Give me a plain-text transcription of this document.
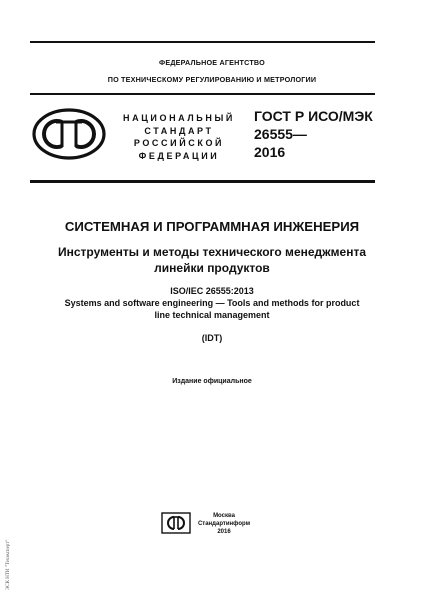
ФЕДЕРАЛЬНОЕ АГЕНТСТВО
ПО ТЕХНИЧЕСКОМУ РЕГУЛИРОВАНИЮ И МЕТРОЛОГИИ
НАЦИОНАЛЬНЫЙ
СТАНДАРТ
РОССИЙСКОЙ
ФЕДЕРАЦИИ
ГОСТ Р ИСО/МЭК
26555—
2016
СИСТЕМНАЯ И ПРОГРАММНАЯ ИНЖЕНЕРИЯ
Инструменты и методы технического менеджмента
линейки продуктов
ISO/IEC 26555:2013
Systems and software engineering — Tools and methods for product
line technical management
(IDT)
Издание официальное
Москва
Стандартинформ
2016
ЭСК НТИ "Техэксперт"
